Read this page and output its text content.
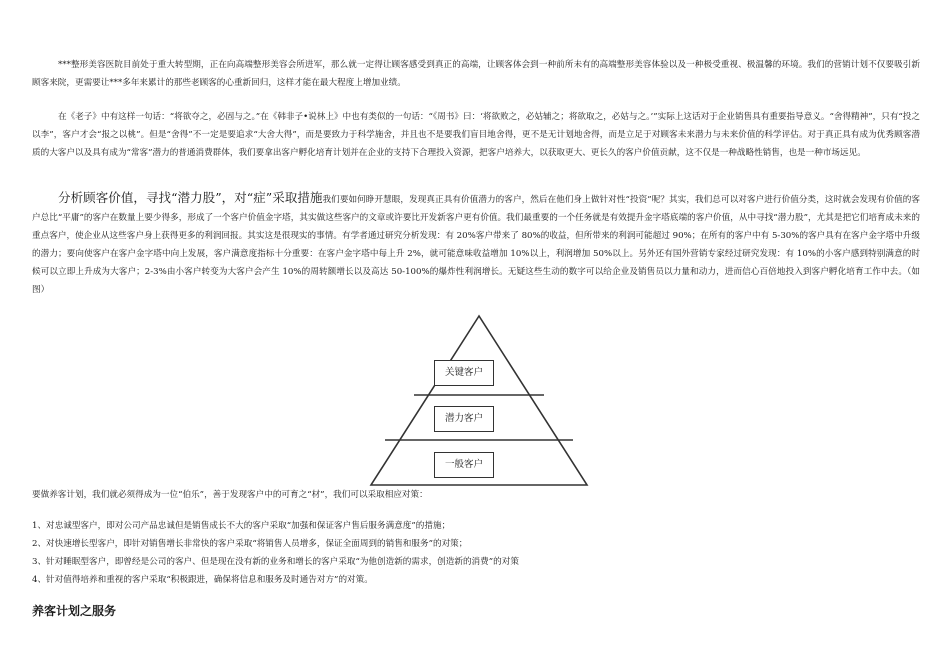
***整形美容医院目前处于重大转型期，正在向高端整形美容会所进军，那么就一定得让顾客感受到真正的高端，让顾客体会到一种前所未有的高端整形美容体验以及一种极受重视、极温馨的环境。我们的营销计划不仅要吸引新顾客来院，更需要让***多年来累计的那些老顾客的心重新回归，这样才能在最大程度上增加业绩。

在《老子》中有这样一句话：“将欲夺之，必固与之。”在《韩非子•说林上》中也有类似的一句话：“《周书》曰：‘将欲败之，必姑辅之；将欲取之，必姑与之。’”实际上这话对于企业销售具有重要指导意义。“舍得精神”，只有“投之以李”，客户才会“报之以桃”。但是“舍得”不一定是要追求“大舍大得”，而是要致力于科学施舍，并且也不是要我们盲目地舍得，更不是无计划地舍得，而是立足于对顾客未来潜力与未来价值的科学评估。对于真正具有成为优秀顾客潜质的大客户以及具有成为“常客”潜力的普通消费群体，我们要拿出客户孵化培育计划并在企业的支持下合理投入资源，把客户培养大，以获取更大、更长久的客户价值贡献，这不仅是一种战略性销售，也是一种市场远见。

分析顾客价值，寻找“潜力股”，对“症”采取措施我们要如何睁开慧眼，发现真正具有价值潜力的客户，然后在他们身上做针对性“投资”呢？其实，我们总可以对客户进行价值分类，这时就会发现有价值的客户总比“平庸”的客户在数量上要少得多，形成了一个客户价值金字塔，其实做这些客户的文章或许要比开发新客户更有价值。我们最重要的一个任务就是有效提升金字塔底端的客户价值，从中寻找“潜力股”，尤其是把它们培育成未来的重点客户，使企业从这些客户身上获得更多的利润回报。其实这是很现实的事情。有学者通过研究分析发现：有 20%客户带来了 80%的收益，但所带来的利润可能超过 90%；在所有的客户中有 5-30%的客户具有在客户金字塔中升级的潜力；要向使客户在客户金字塔中向上发展，客户满意度指标十分重要：在客户金字塔中每上升 2%，就可能意味收益增加 10%以上，利润增加 50%以上。另外还有国外营销专家经过研究发现：有 10%的小客户感到特别满意的时候可以立即上升成为大客户；2-3%由小客户转变为大客户会产生 10%的周转额增长以及高达 50-100%的爆炸性利润增长。无疑这些生动的数字可以给企业及销售员以力量和动力，进而信心百倍地投入到客户孵化培育工作中去。（如图）

关键客户
潜力客户
一般客户

要做养客计划，我们就必须得成为一位“伯乐”，善于发现客户中的可育之“材”，我们可以采取相应对策：

1、对忠诚型客户，即对公司产品忠诚但是销售成长不大的客户采取“加强和保证客户售后服务满意度”的措施；

2、对快速增长型客户，即针对销售增长非常快的客户采取“将销售人员增多，保证全面周到的销售和服务”的对策；

3、针对睡眠型客户，即曾经是公司的客户、但是现在没有新的业务和增长的客户采取“为他创造新的需求，创造新的消费”的对策

4、针对值得培养和重视的客户采取“积极跟进，确保将信息和服务及时通告对方”的对策。

养客计划之服务
